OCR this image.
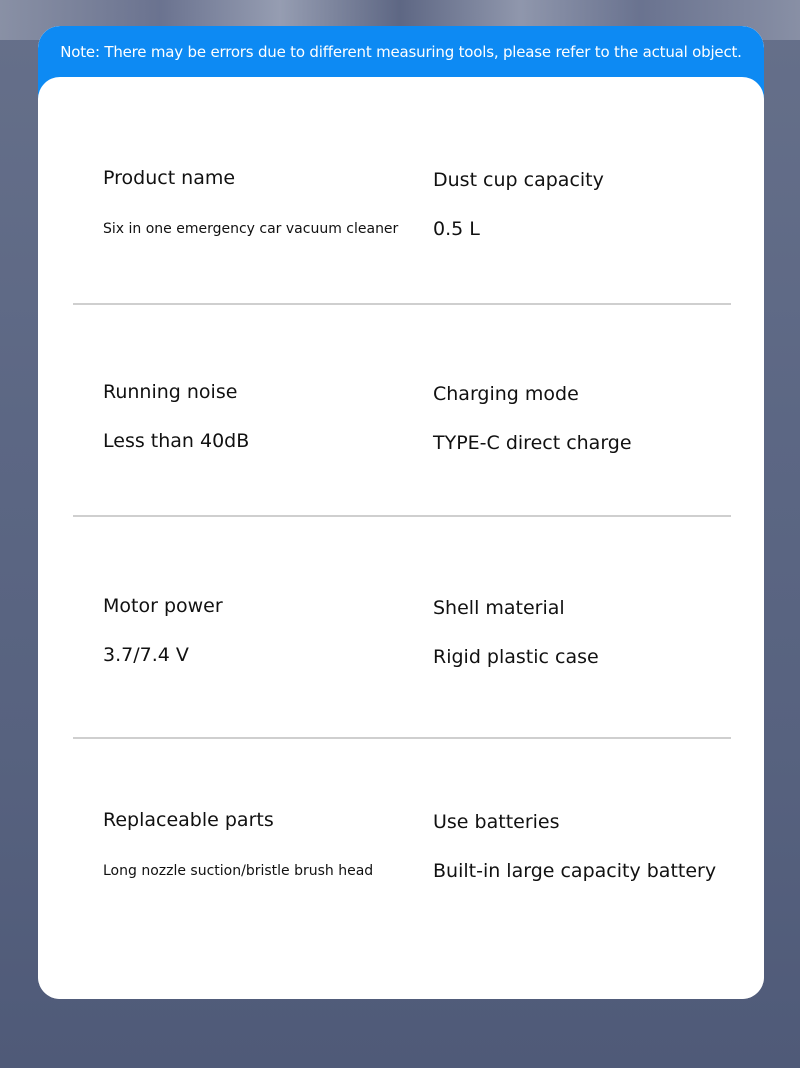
Note: There may be errors due to different measuring tools, please refer to the actual object.
Product name
Six in one emergency car vacuum cleaner
Dust cup capacity
0.5 L
Running noise
Less than 40dB
Charging mode
TYPE-C direct charge
Motor power
3.7/7.4 V
Shell material
Rigid plastic case
Replaceable parts
Long nozzle suction/bristle brush head
Use batteries
Built-in large capacity battery
